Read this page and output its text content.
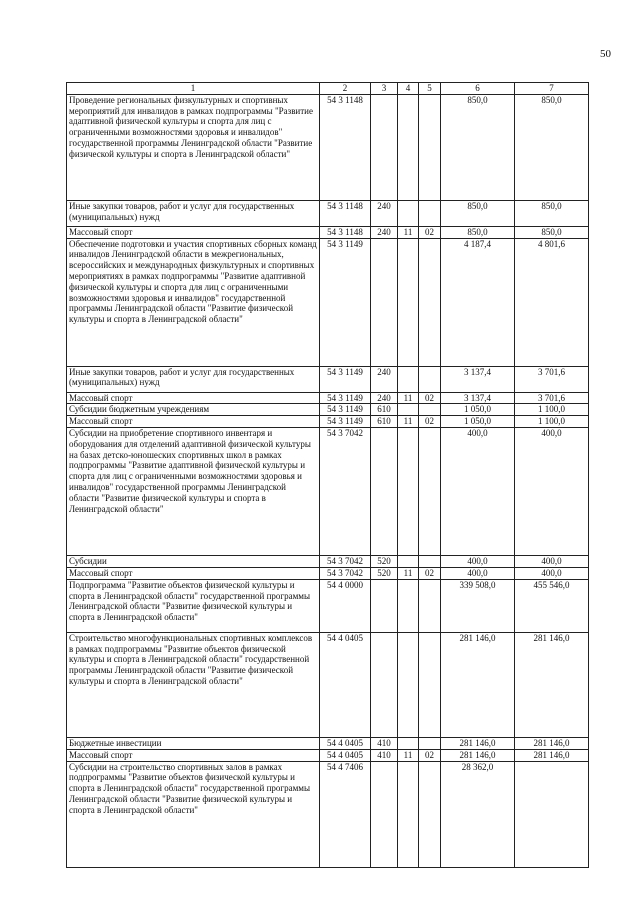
50
1	2	3	4	5	6	7
Проведение региональных физкультурных и спортивных мероприятий для инвалидов в рамках подпрограммы "Развитие адаптивной физической культуры и спорта для лиц с ограниченными возможностями здоровья и инвалидов" государственной программы Ленинградской области "Развитие физической культуры и спорта в Ленинградской области"	54 3 1148				850,0	850,0
Иные закупки товаров, работ и услуг для государственных (муниципальных) нужд	54 3 1148	240			850,0	850,0
Массовый спорт	54 3 1148	240	11	02	850,0	850,0
Обеспечение подготовки и участия спортивных сборных команд инвалидов Ленинградской области в межрегиональных, всероссийских и международных физкультурных и спортивных мероприятиях в рамках подпрограммы "Развитие адаптивной физической культуры и спорта для лиц с ограниченными возможностями здоровья и инвалидов" государственной программы Ленинградской области "Развитие физической культуры и спорта в Ленинградской области"	54 3 1149				4 187,4	4 801,6
Иные закупки товаров, работ и услуг для государственных (муниципальных) нужд	54 3 1149	240			3 137,4	3 701,6
Массовый спорт	54 3 1149	240	11	02	3 137,4	3 701,6
Субсидии бюджетным учреждениям	54 3 1149	610			1 050,0	1 100,0
Массовый спорт	54 3 1149	610	11	02	1 050,0	1 100,0
Субсидии на приобретение спортивного инвентаря и оборудования для отделений адаптивной физической культуры на базах детско-юношеских спортивных школ в рамках подпрограммы "Развитие адаптивной физической культуры и спорта для лиц с ограниченными возможностями здоровья и инвалидов" государственной программы Ленинградской области "Развитие физической культуры и спорта в Ленинградской области"	54 3 7042				400,0	400,0
Субсидии	54 3 7042	520			400,0	400,0
Массовый спорт	54 3 7042	520	11	02	400,0	400,0
Подпрограмма "Развитие объектов физической культуры и спорта в Ленинградской области" государственной программы Ленинградской области "Развитие физической культуры и спорта в Ленинградской области"	54 4 0000				339 508,0	455 546,0
Строительство многофункциональных спортивных комплексов в рамках подпрограммы "Развитие объектов физической культуры и спорта в Ленинградской области" государственной программы Ленинградской области "Развитие физической культуры и спорта в Ленинградской области"	54 4 0405				281 146,0	281 146,0
Бюджетные инвестиции	54 4 0405	410			281 146,0	281 146,0
Массовый спорт	54 4 0405	410	11	02	281 146,0	281 146,0
Субсидии на строительство спортивных залов в рамках подпрограммы "Развитие объектов физической культуры и спорта в Ленинградской области" государственной программы Ленинградской области "Развитие физической культуры и спорта в Ленинградской области"	54 4 7406				28 362,0	
